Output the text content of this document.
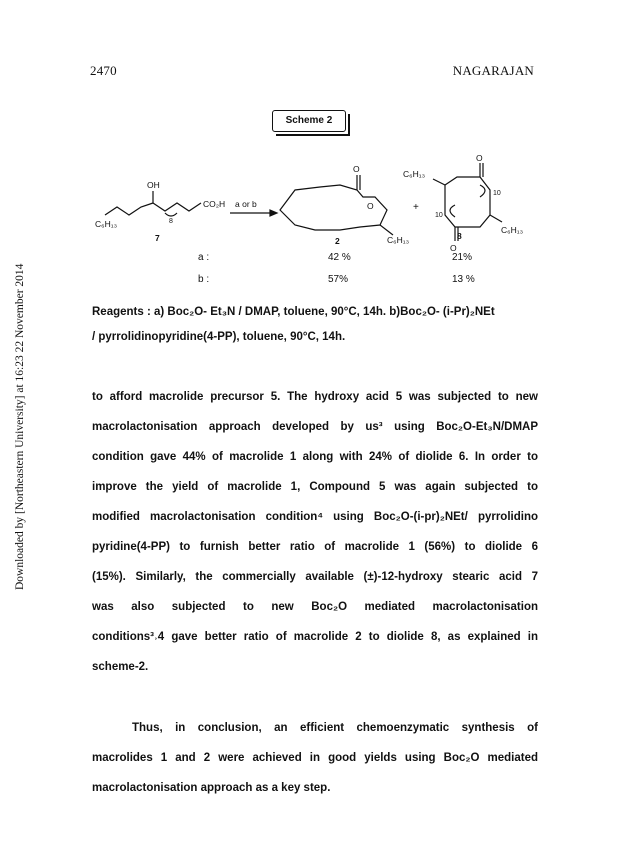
2470	NAGARAJAN
Downloaded by [Northeastern University] at 16:23 22 November 2014
Scheme 2
OH
CO₂H
C₆H₁₃	8
7
a or b
O
O
C₆H₁₃
2
+
O
O
C₆H₁₃
C₆H₁₃
10
10
8
a :	42 %	21%
b :	57%	13 %
Reagents : a) Boc₂O- Et₃N / DMAP, toluene, 90°C, 14h. b)Boc₂O- (i-Pr)₂NEt
/ pyrrolidinopyridine(4-PP), toluene, 90°C, 14h.
to afford macrolide precursor 5. The hydroxy acid 5 was subjected to new
macrolactonisation approach developed by us³ using Boc₂O-Et₃N/DMAP
condition gave 44% of macrolide 1 along with 24% of diolide 6. In order to
improve the yield of macrolide 1, Compound 5 was again subjected to
modified macrolactonisation condition⁴ using Boc₂O-(i-pr)₂NEt/ pyrrolidino
pyridine(4-PP) to furnish better ratio of macrolide 1 (56%) to diolide 6
(15%). Similarly, the commercially available (±)-12-hydroxy stearic acid 7
was also subjected to new Boc₂O mediated macrolactonisation
conditions³˒4 gave better ratio of macrolide 2 to diolide 8, as explained in
scheme-2.
Thus, in conclusion, an efficient chemoenzymatic synthesis of
macrolides 1 and 2 were achieved in good yields using Boc₂O mediated
macrolactonisation approach as a key step.
